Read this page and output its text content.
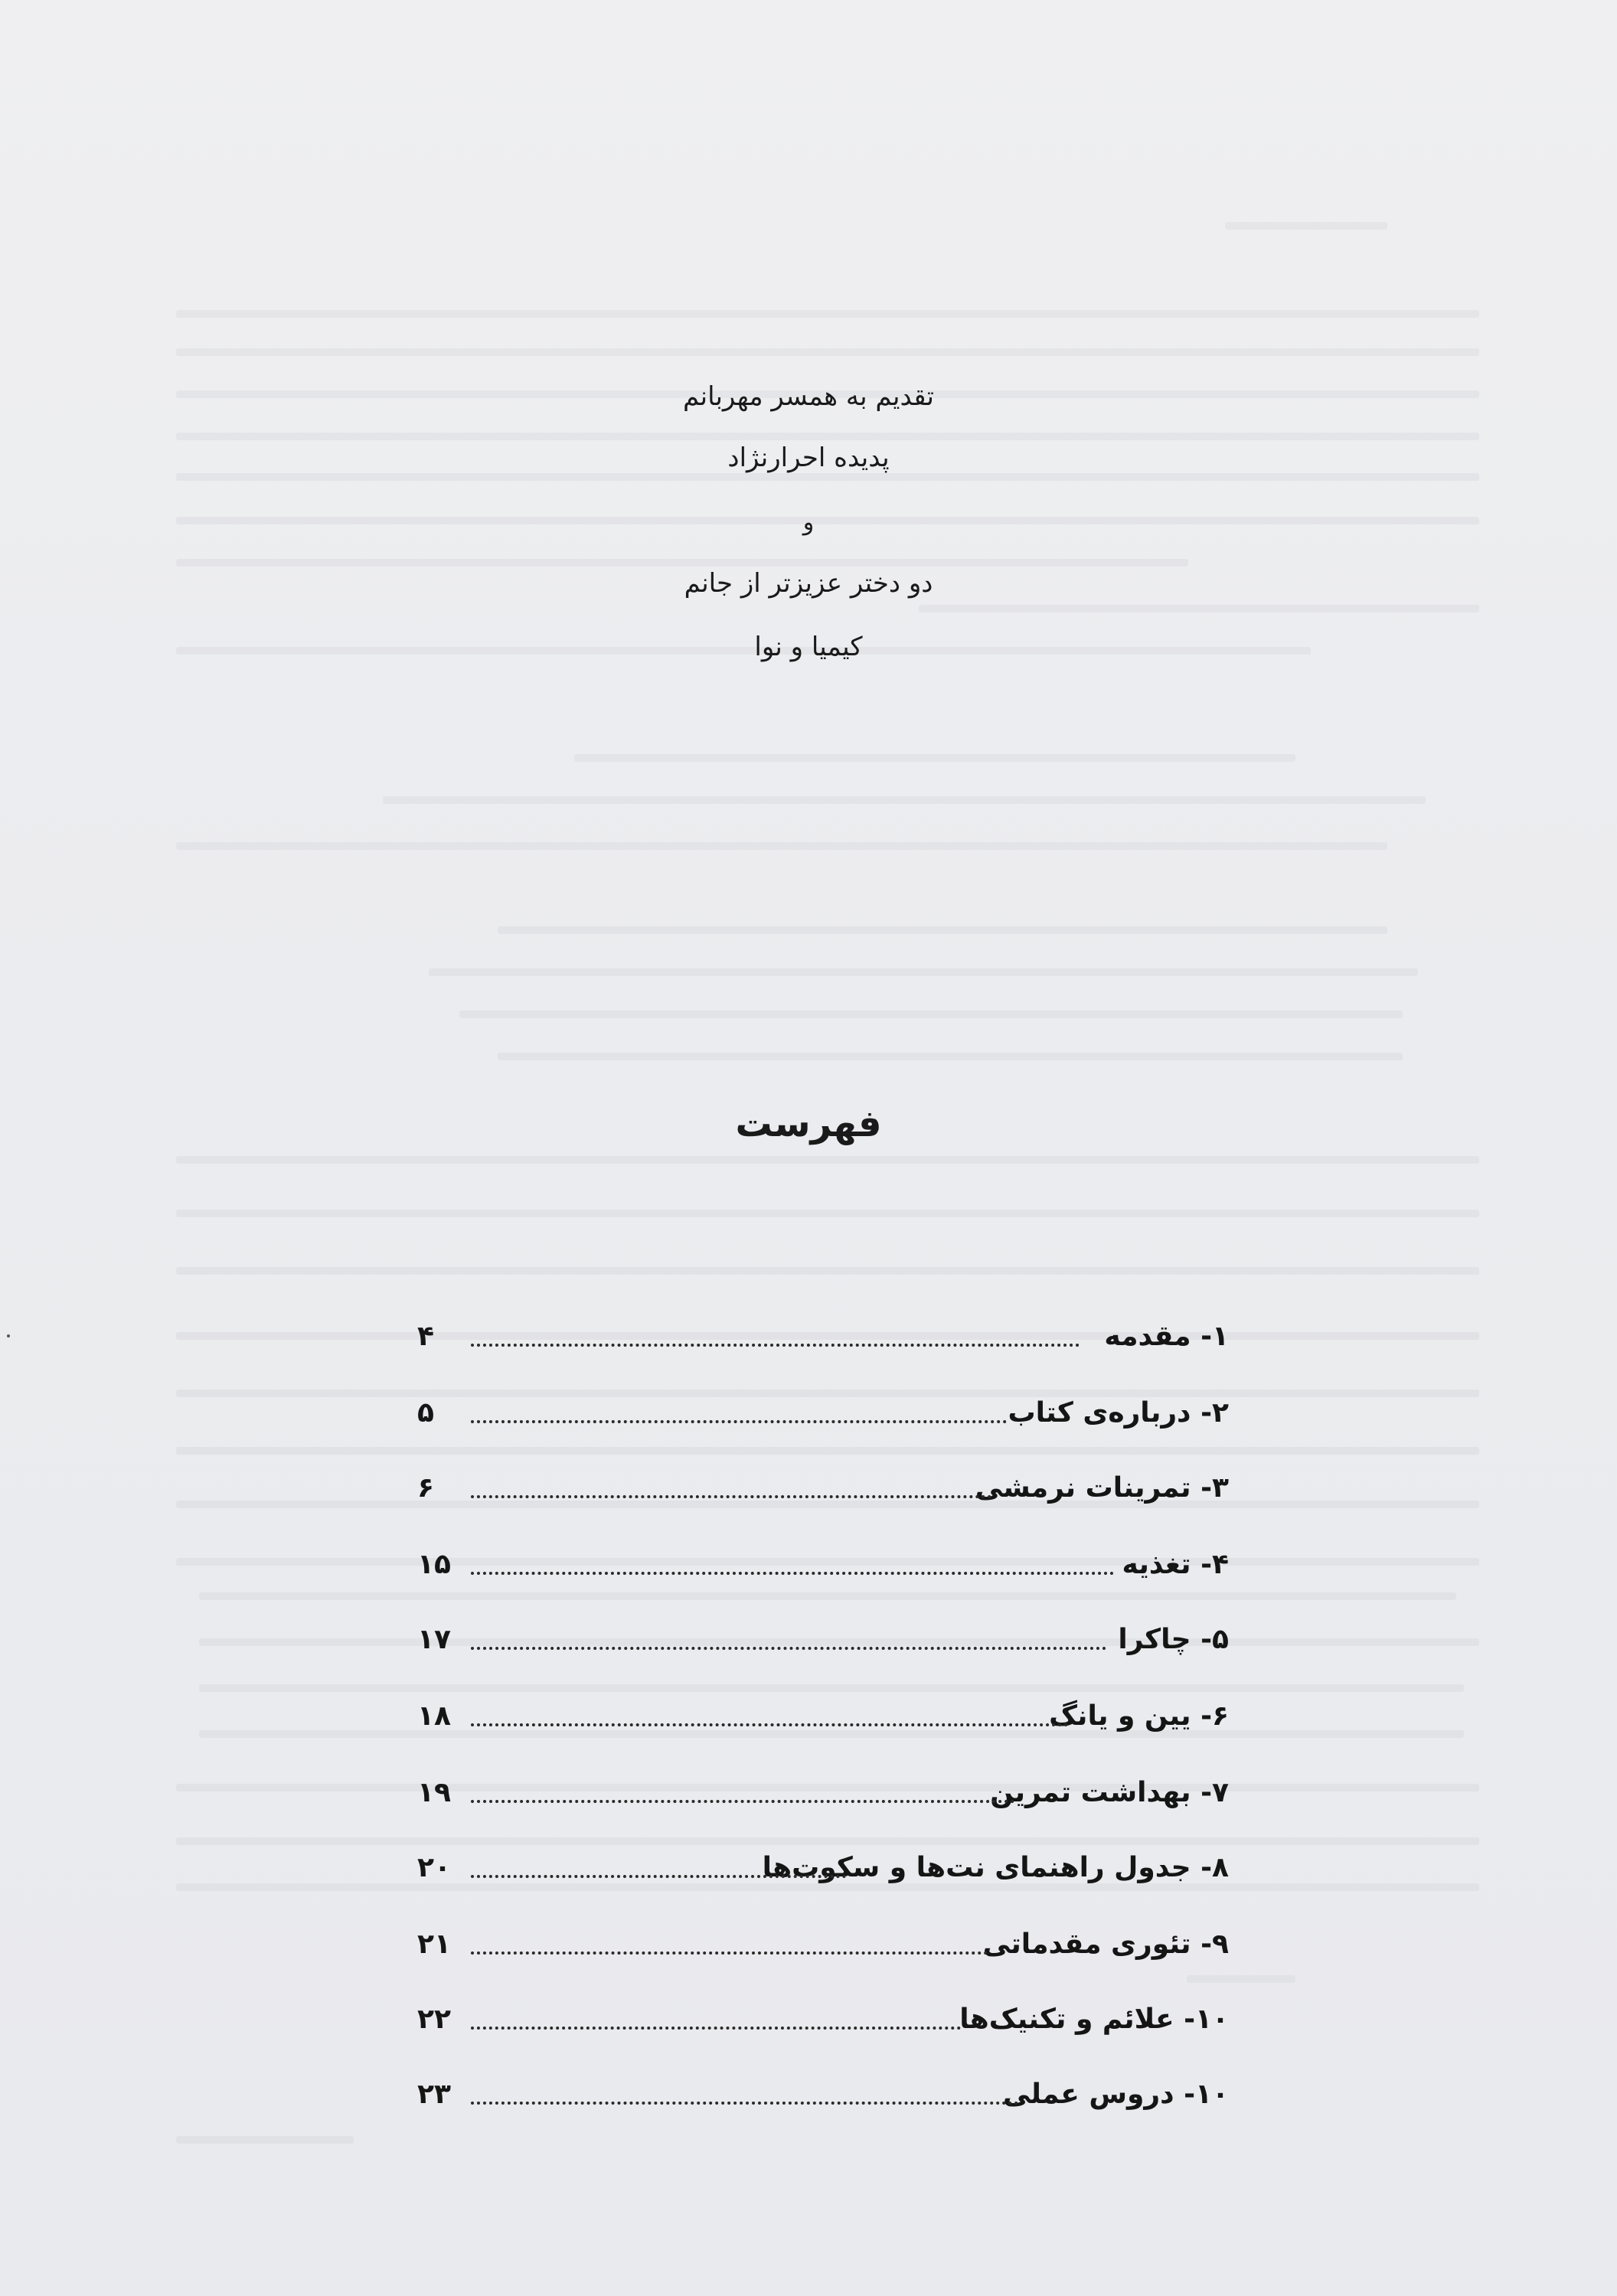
تقدیم به همسر مهربانم
پدیده احرارنژاد
و
دو دختر عزیزتر از جانم
کیمیا و نوا
فهرست
۱- مقدمه
۴
۲- درباره‌ی کتاب
۵
۳- تمرینات نرمشی
۶
۴- تغذیه
۱۵
۵- چاکرا
۱۷
۶- یین و یانگ
۱۸
۷- بهداشت تمرین
۱۹
۸- جدول راهنمای نت‌ها و سکوت‌ها
۲۰
۹- تئوری مقدماتی
۲۱
۱۰- علائم و تکنیک‌ها
۲۲
۱۰- دروس عملی
۲۳
